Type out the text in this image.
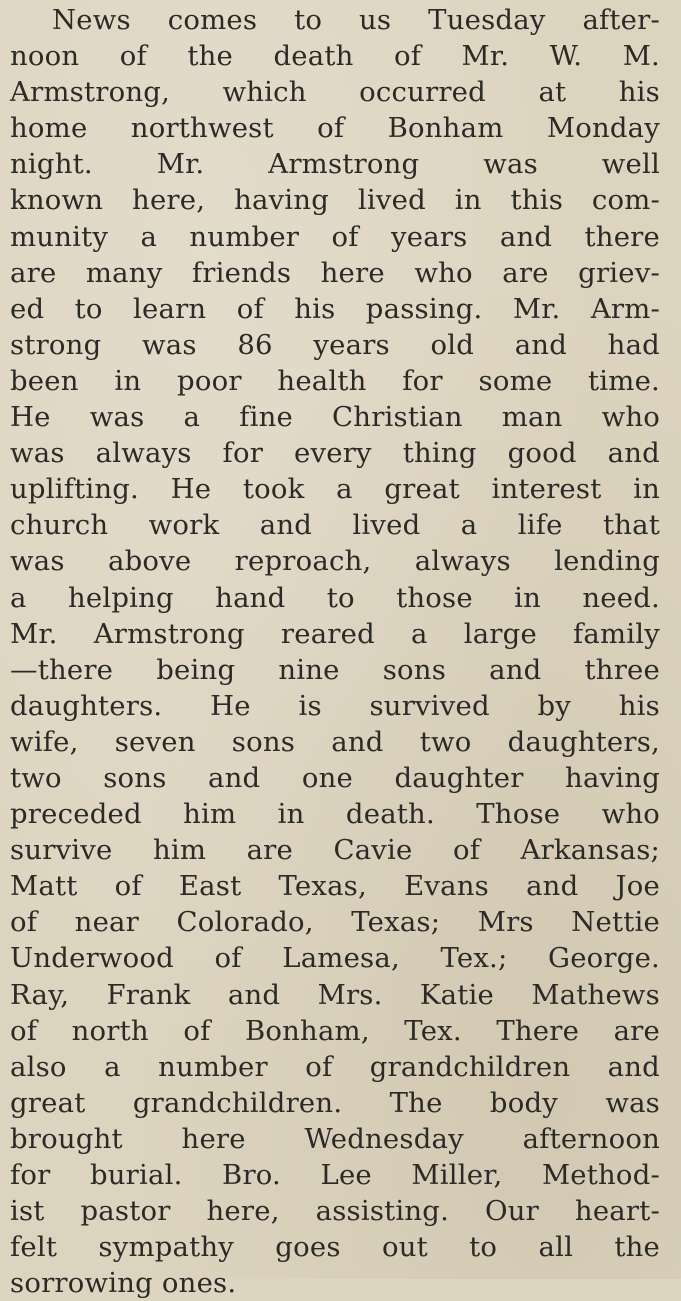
News comes to us Tuesday after-
noon of the death of Mr. W. M.
Armstrong, which occurred at his
home northwest of Bonham Monday
night. Mr. Armstrong was well
known here, having lived in this com-
munity a number of years and there
are many friends here who are griev-
ed to learn of his passing. Mr. Arm-
strong was 86 years old and had
been in poor health for some time.
He was a fine Christian man who
was always for every thing good and
uplifting. He took a great interest in
church work and lived a life that
was above reproach, always lending
a helping hand to those in need.
Mr. Armstrong reared a large family
—there being nine sons and three
daughters. He is survived by his
wife, seven sons and two daughters,
two sons and one daughter having
preceded him in death. Those who
survive him are Cavie of Arkansas;
Matt of East Texas, Evans and Joe
of near Colorado, Texas; Mrs Nettie
Underwood of Lamesa, Tex.; George.
Ray, Frank and Mrs. Katie Mathews
of north of Bonham, Tex. There are
also a number of grandchildren and
great grandchildren. The body was
brought here Wednesday afternoon
for burial. Bro. Lee Miller, Method-
ist pastor here, assisting. Our heart-
felt sympathy goes out to all the
sorrowing ones.
